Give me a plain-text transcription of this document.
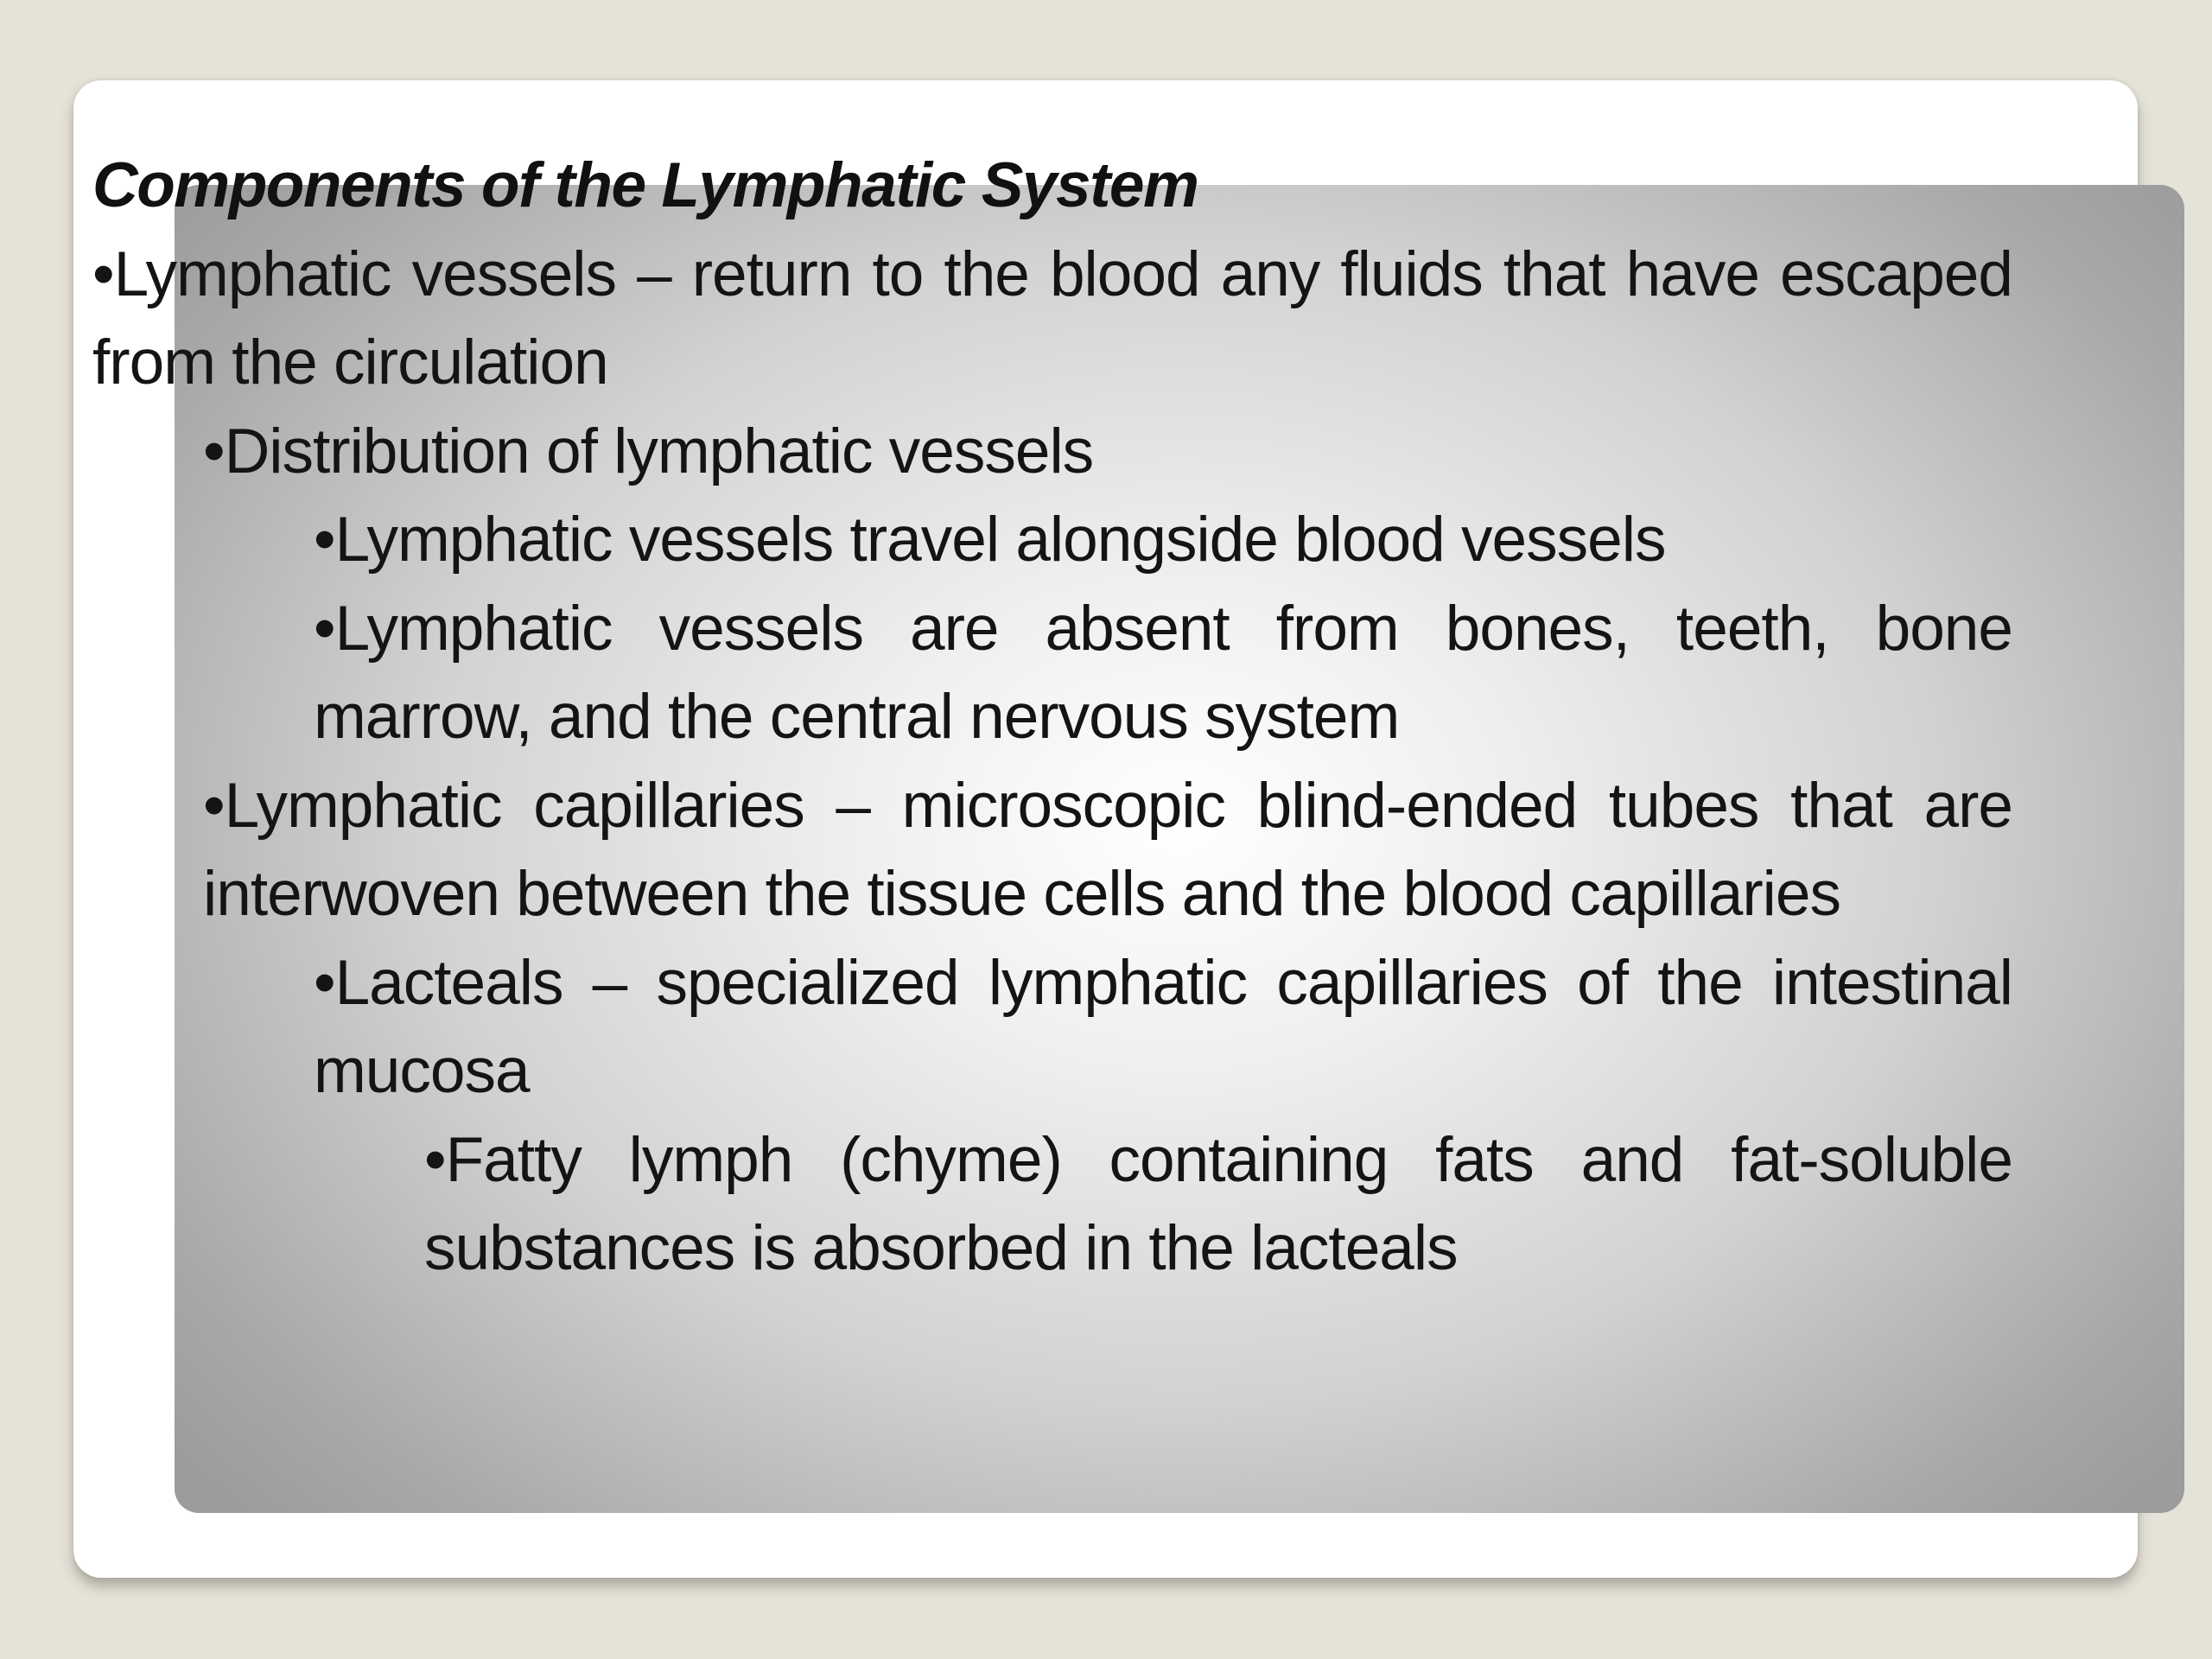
Components of the Lymphatic System

•Lymphatic vessels – return to the blood any fluids that have escaped from the circulation

•Distribution of lymphatic vessels

•Lymphatic vessels travel alongside blood vessels

•Lymphatic vessels are absent from bones, teeth, bone marrow, and the central nervous system

•Lymphatic capillaries – microscopic blind-ended tubes that are interwoven between the tissue cells and the blood capillaries

•Lacteals – specialized lymphatic capillaries of the intestinal mucosa

•Fatty lymph (chyme) containing fats and fat-soluble substances is absorbed in the lacteals
